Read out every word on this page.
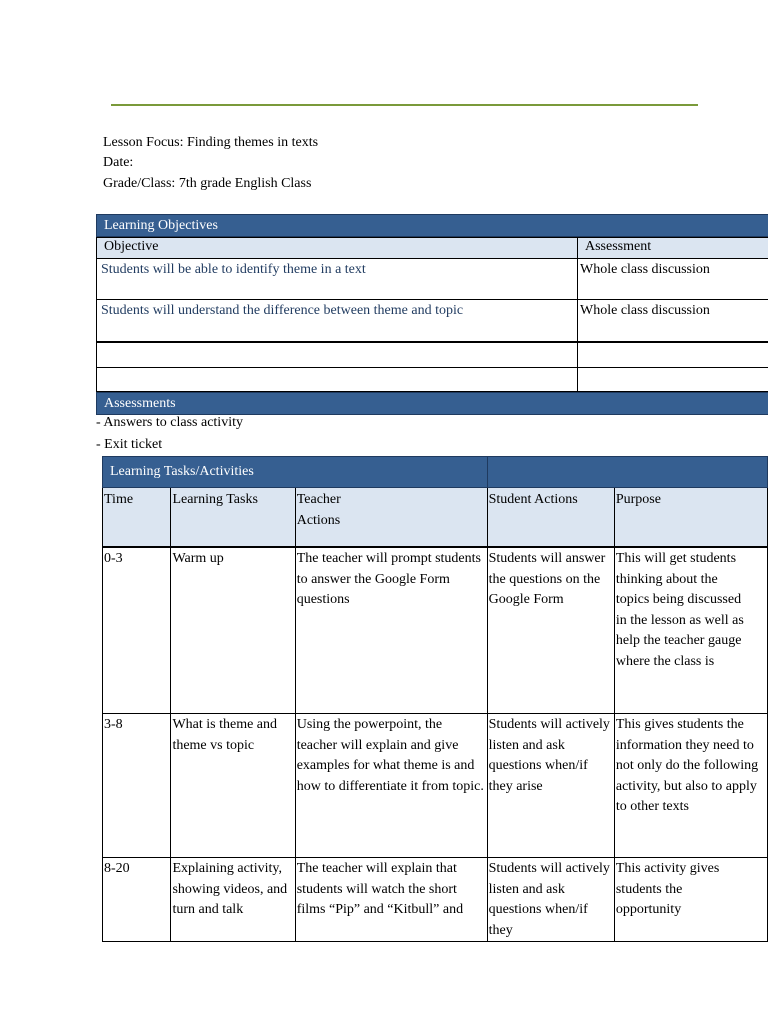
Lesson Focus: Finding themes in texts
Date:
Grade/Class: 7th grade English Class
Learning Objectives
Objective	Assessment
Students will be able to identify theme in a text	Whole class discussion
Students will understand the difference between theme and topic	Whole class discussion

Assessments
- Answers to class activity
- Exit ticket
Learning Tasks/Activities				
Time	Learning Tasks	Teacher Actions	Student Actions	Purpose
0-3	Warm up	The teacher will prompt students to answer the Google Form questions	Students will answer the questions on the Google Form	This will get students thinking about the topics being discussed in the lesson as well as help the teacher gauge where the class is
3-8	What is theme and theme vs topic	Using the powerpoint, the teacher will explain and give examples for what theme is and how to differentiate it from topic.	Students will actively listen and ask questions when/if they arise	This gives students the information they need to not only do the following activity, but also to apply to other texts
8-20	Explaining activity, showing videos, and turn and talk	The teacher will explain that students will watch the short films “Pip” and “Kitbull” and	Students will actively listen and ask questions when/if they	This activity gives students the opportunity
